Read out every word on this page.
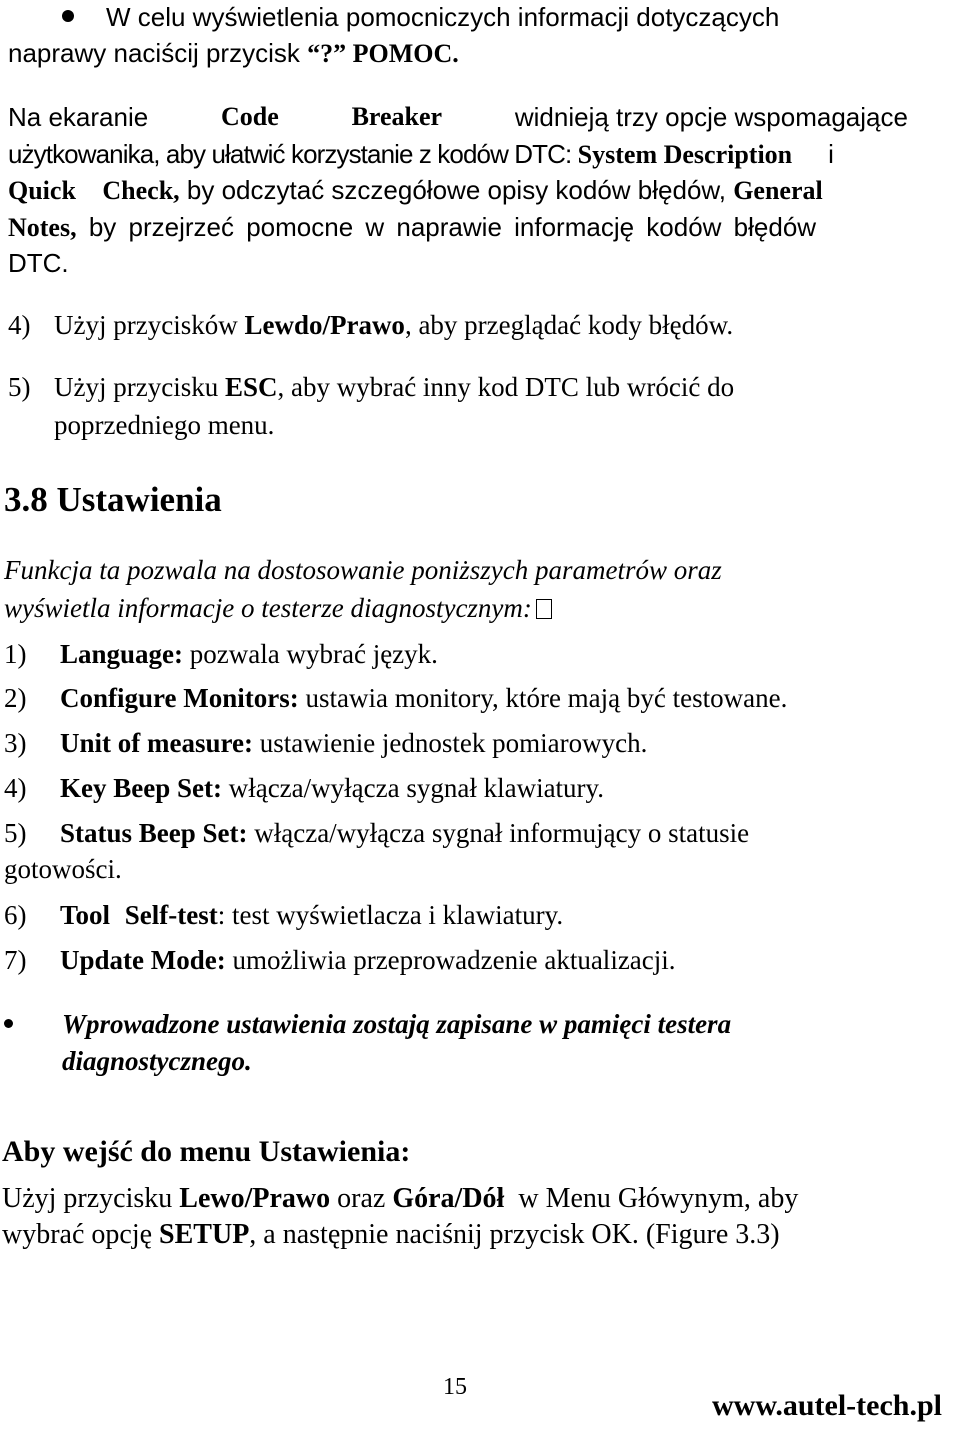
W celu wyświetlenia pomocniczych informacji dotyczących
naprawy naciścij przycisk “?” POMOC.
Na ekaranie	Code	Breaker	widnieją trzy opcje wspomagające
użytkowanika, aby ułatwić korzystanie z kodów DTC: System Description i
Quick Check, by odczytać szczegółowe opisy kodów błędów, General
Notes, by przejrzeć pomocne w naprawie informację kodów błędów
DTC.
4) Użyj przycisków Lewdo/Prawo, aby przeglądać kody błędów.
5) Użyj przycisku ESC, aby wybrać inny kod DTC lub wrócić do
poprzedniego menu.
3.8 Ustawienia
Funkcja ta pozwala na dostosowanie poniższych parametrów oraz
wyświetla informacje o testerze diagnostycznym:
1) Language: pozwala wybrać język.
2) Configure Monitors: ustawia monitory, które mają być testowane.
3) Unit of measure: ustawienie jednostek pomiarowych.
4) Key Beep Set: włącza/wyłącza sygnał klawiatury.
5) Status Beep Set: włącza/wyłącza sygnał informujący o statusie
gotowości.
6) Tool Self-test: test wyświetlacza i klawiatury.
7) Update Mode: umożliwia przeprowadzenie aktualizacji.
Wprowadzone ustawienia zostają zapisane w pamięci testera
diagnostycznego.
Aby wejść do menu Ustawienia:
Użyj przycisku Lewo/Prawo oraz Góra/Dół  w Menu Główynym, aby
wybrać opcję SETUP, a następnie naciśnij przycisk OK. (Figure 3.3)
15
www.autel-tech.pl
